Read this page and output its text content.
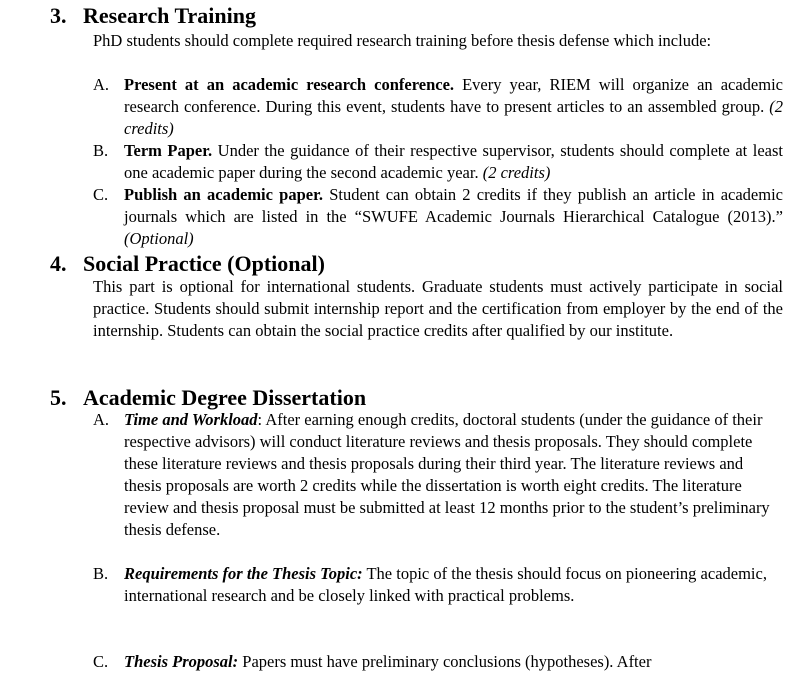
3. Research Training
PhD students should complete required research training before thesis defense which include:
A. Present at an academic research conference. Every year, RIEM will organize an academic research conference. During this event, students have to present articles to an assembled group. (2 credits)
B. Term Paper. Under the guidance of their respective supervisor, students should complete at least one academic paper during the second academic year. (2 credits)
C. Publish an academic paper. Student can obtain 2 credits if they publish an article in academic journals which are listed in the “SWUFE Academic Journals Hierarchical Catalogue (2013).” (Optional)
4. Social Practice (Optional)
This part is optional for international students. Graduate students must actively participate in social practice. Students should submit internship report and the certification from employer by the end of the internship. Students can obtain the social practice credits after qualified by our institute.
5. Academic Degree Dissertation
A. Time and Workload: After earning enough credits, doctoral students (under the guidance of their respective advisors) will conduct literature reviews and thesis proposals. They should complete these literature reviews and thesis proposals during their third year. The literature reviews and thesis proposals are worth 2 credits while the dissertation is worth eight credits. The literature review and thesis proposal must be submitted at least 12 months prior to the student’s preliminary thesis defense.
B. Requirements for the Thesis Topic: The topic of the thesis should focus on pioneering academic, international research and be closely linked with practical problems.
C. Thesis Proposal: Papers must have preliminary conclusions (hypotheses). After
